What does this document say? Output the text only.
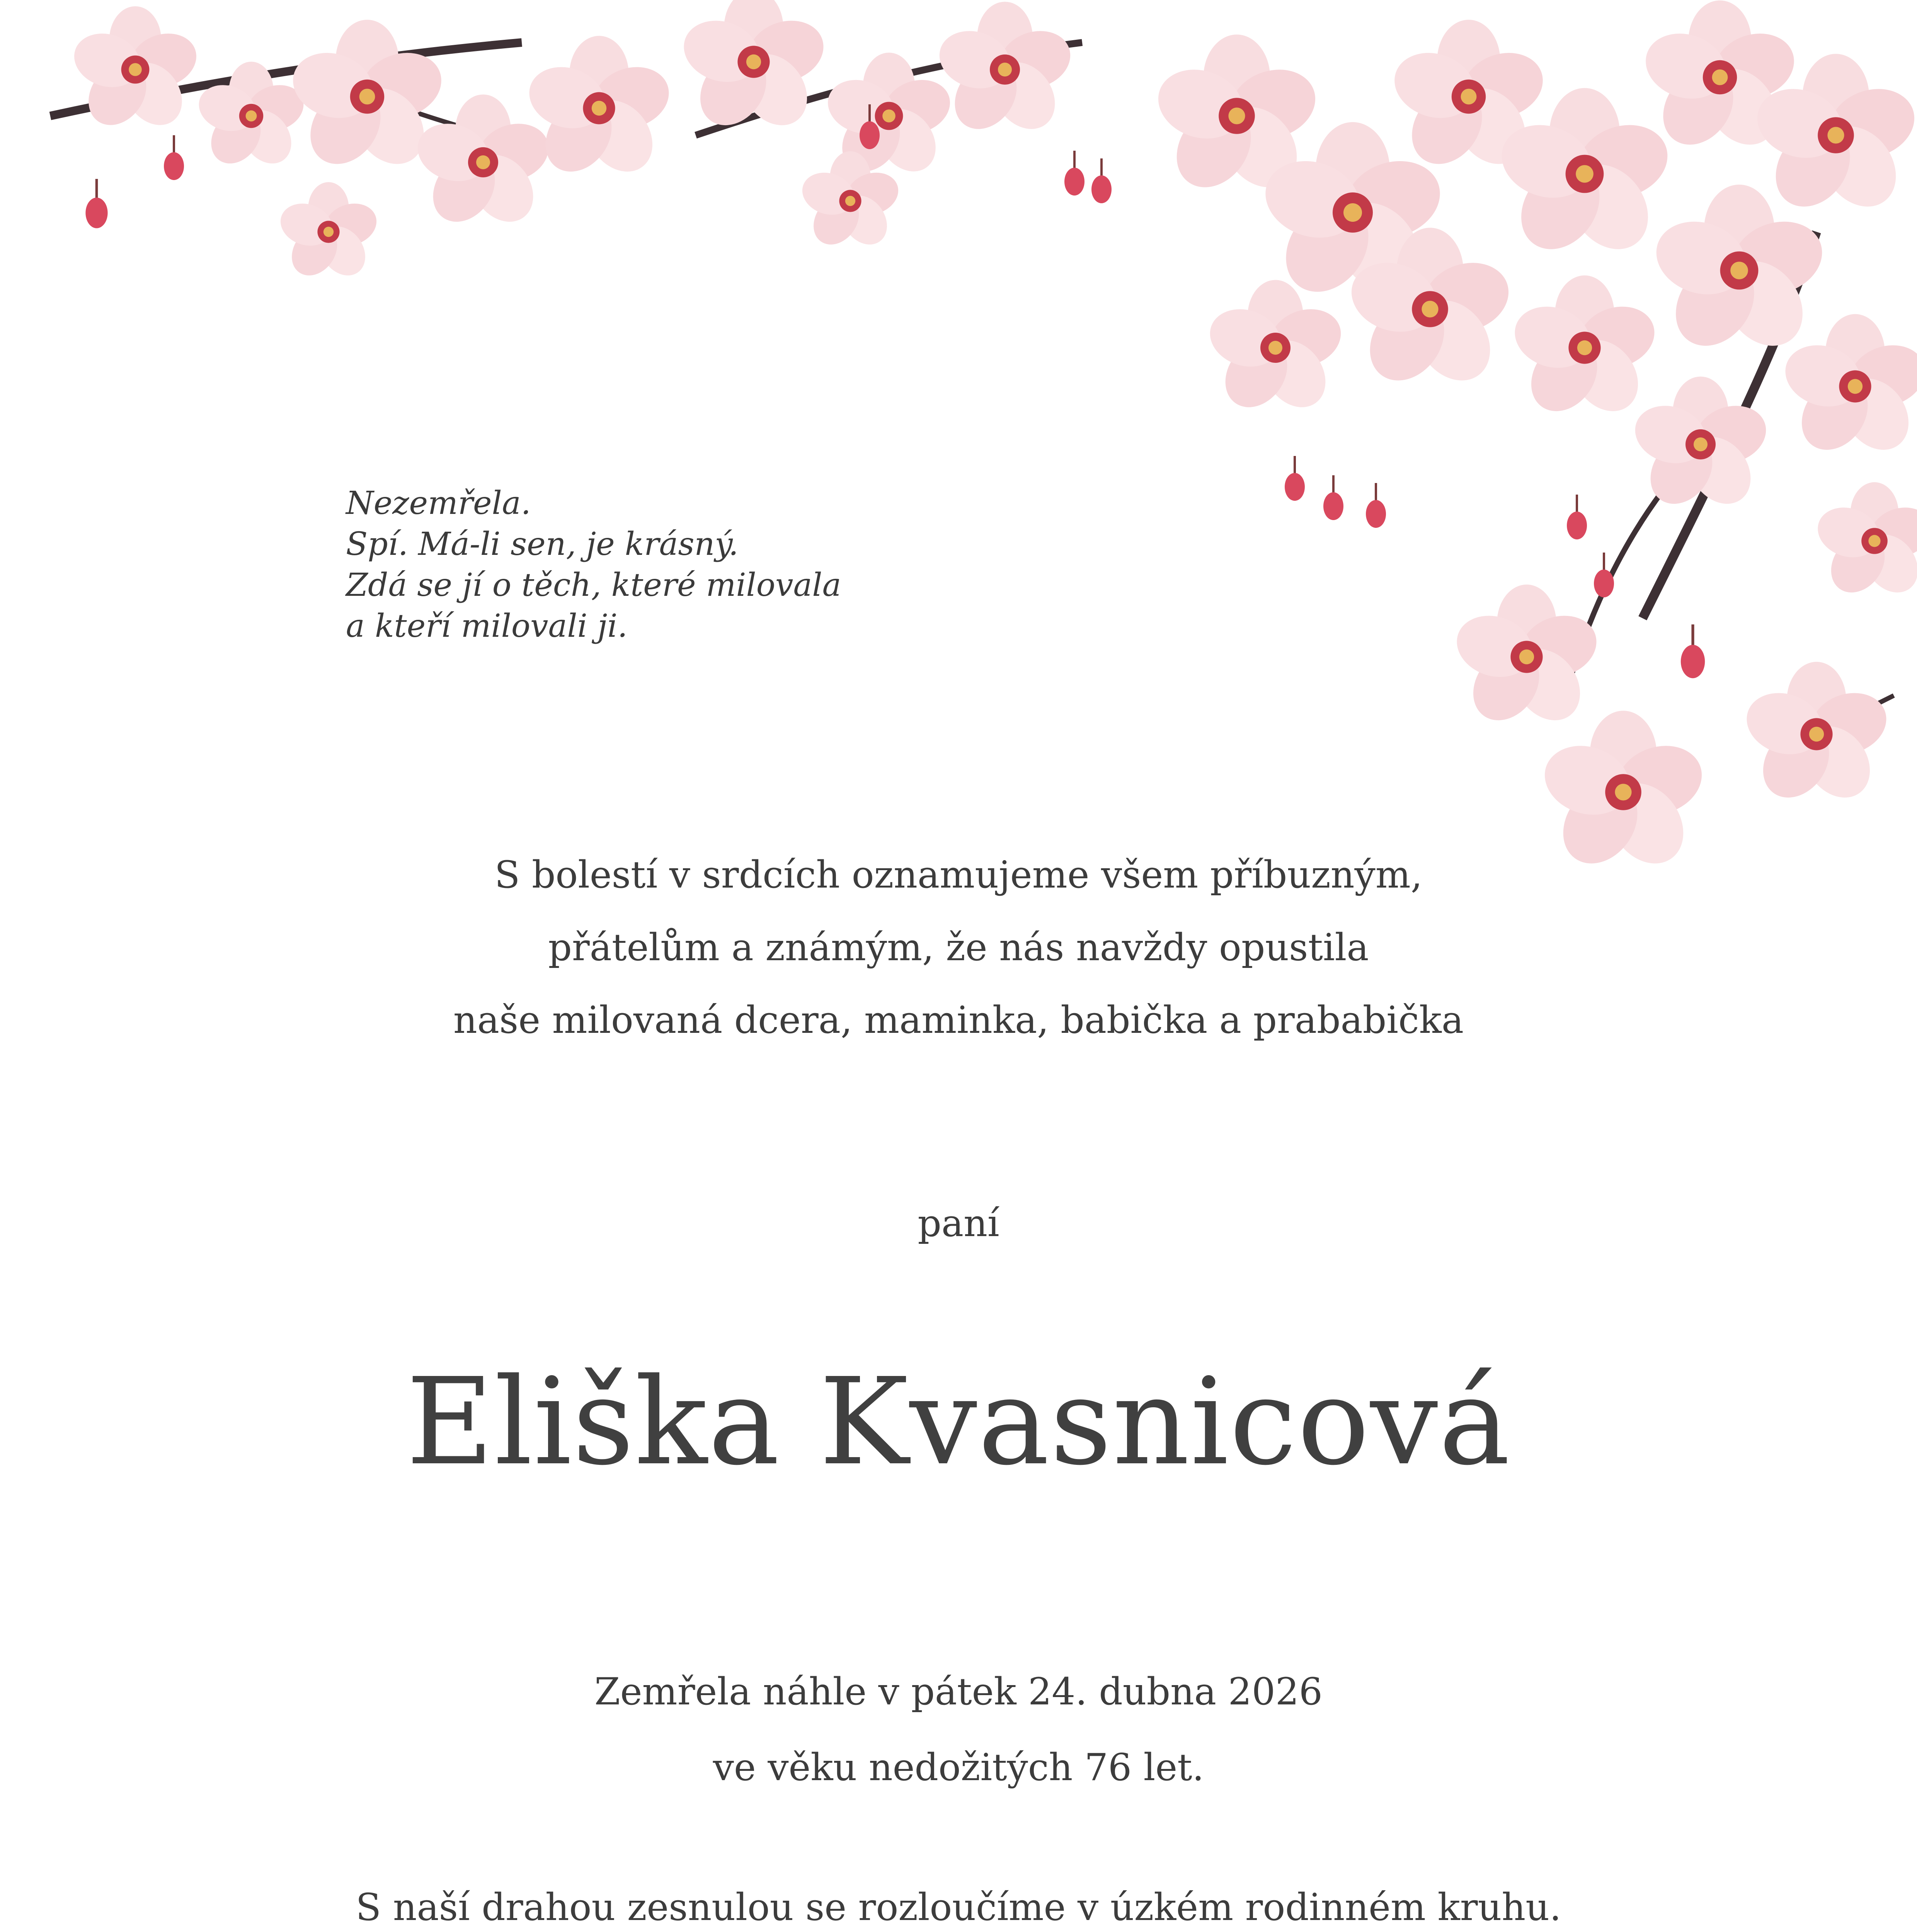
Nezemřela.
Spí. Má-li sen, je krásný.
Zdá se jí o těch, které milovala
a kteří milovali ji.
S bolestí v srdcích oznamujeme všem příbuzným,
přátelům a známým, že nás navždy opustila
naše milovaná dcera, maminka, babička a prababička
paní
Eliška Kvasnicová
Zemřela náhle v pátek 24. dubna 2026
ve věku nedožitých 76 let.
S naší drahou zesnulou se rozloučíme v úzkém rodinném kruhu.
